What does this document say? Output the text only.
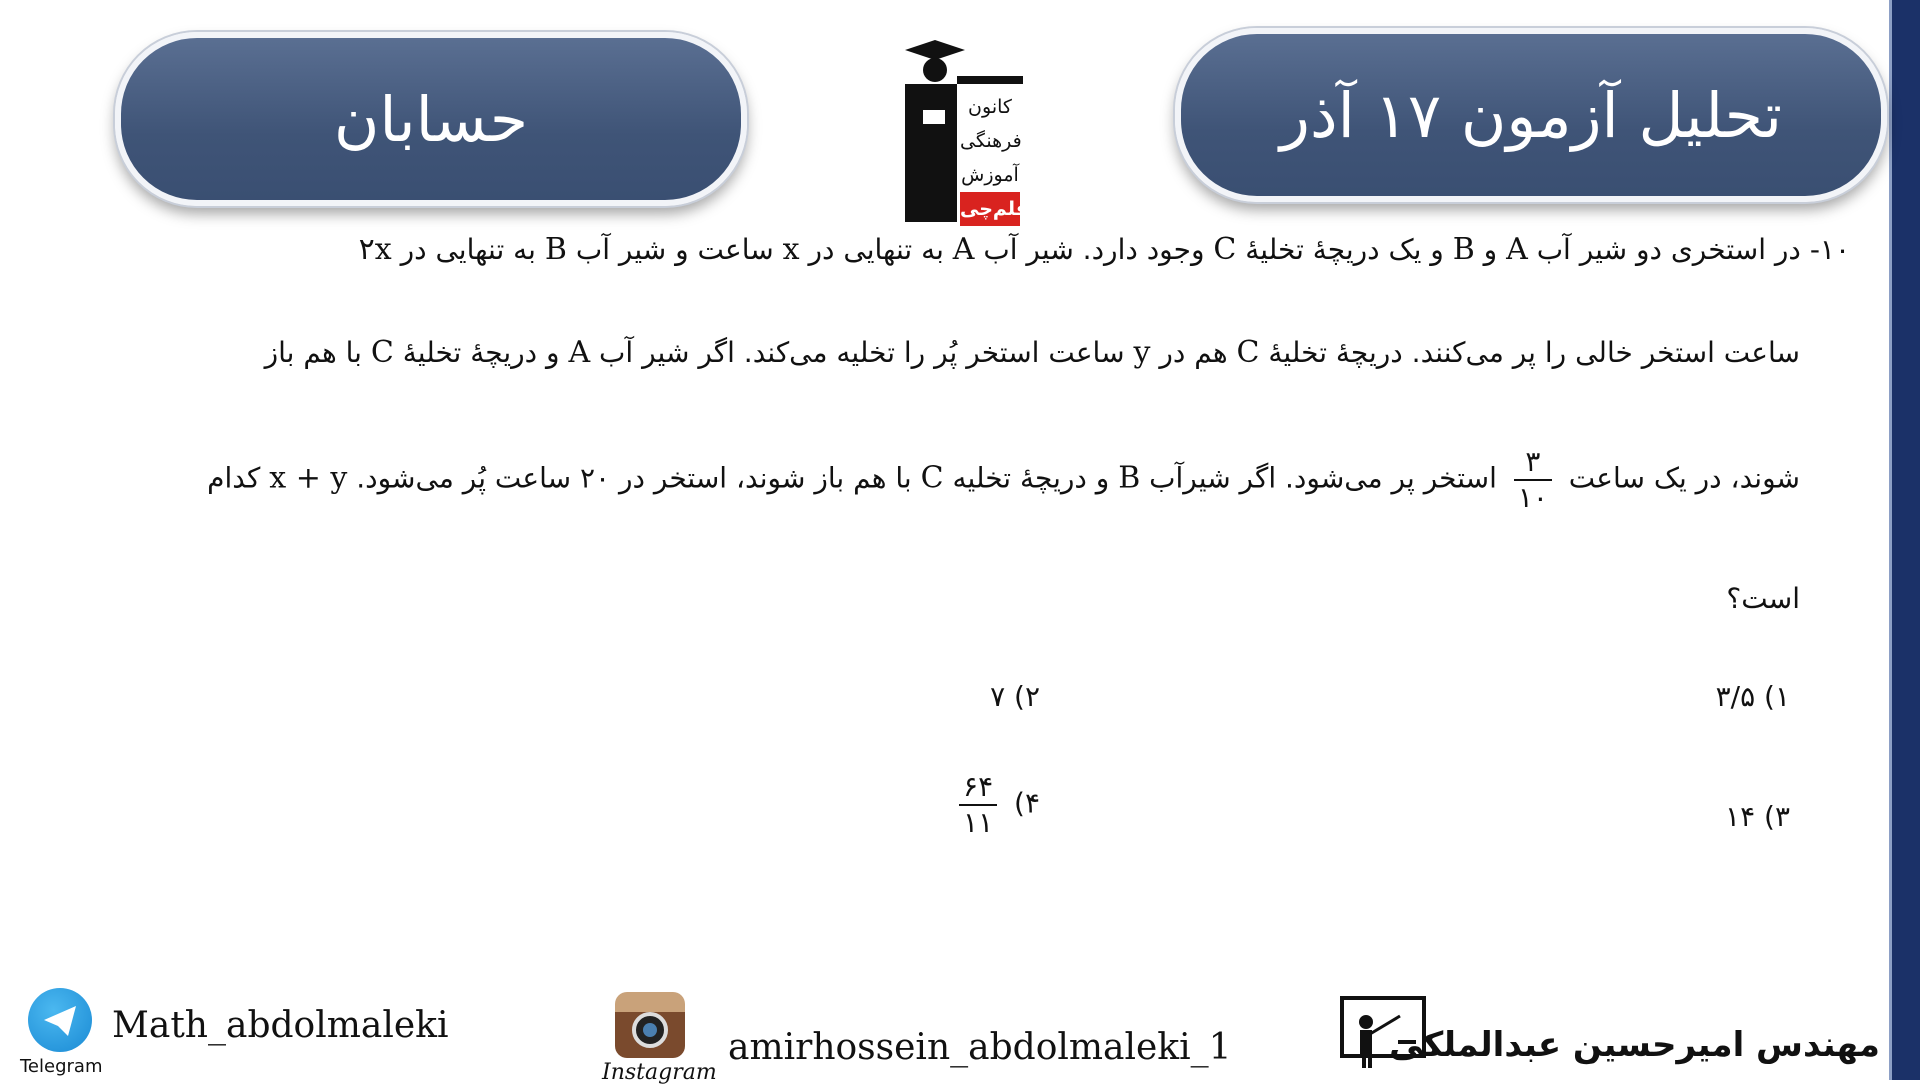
حسابان	تحلیل آزمون ۱۷ آذر
کانون
فرهنگی
آموزش
قلم‌چی
۱۰- در استخری دو شیر آب A و B و یک دریچهٔ تخلیهٔ C وجود دارد. شیر آب A به تنهایی در x ساعت و شیر آب B به تنهایی در ۲x
ساعت استخر خالی را پر می‌کنند. دریچهٔ تخلیهٔ C هم در y ساعت استخر پُر را تخلیه می‌کند. اگر شیر آب A و دریچهٔ تخلیهٔ C با هم باز
شوند، در یک ساعت
$\frac{۳}{۱۰}$
استخر پر می‌شود. اگر شیرآب B و دریچهٔ تخلیه C با هم باز شوند، استخر در ۲۰ ساعت پُر می‌شود. x + y کدام
است؟
۱) ۳/۵
۲) ۷
۳) ۱۴
۴)
$\frac{۶۴}{۱۱}$
Telegram
Math_abdolmaleki
Instagram
amirhossein_abdolmaleki_1	مهندس امیرحسین عبدالملکی
